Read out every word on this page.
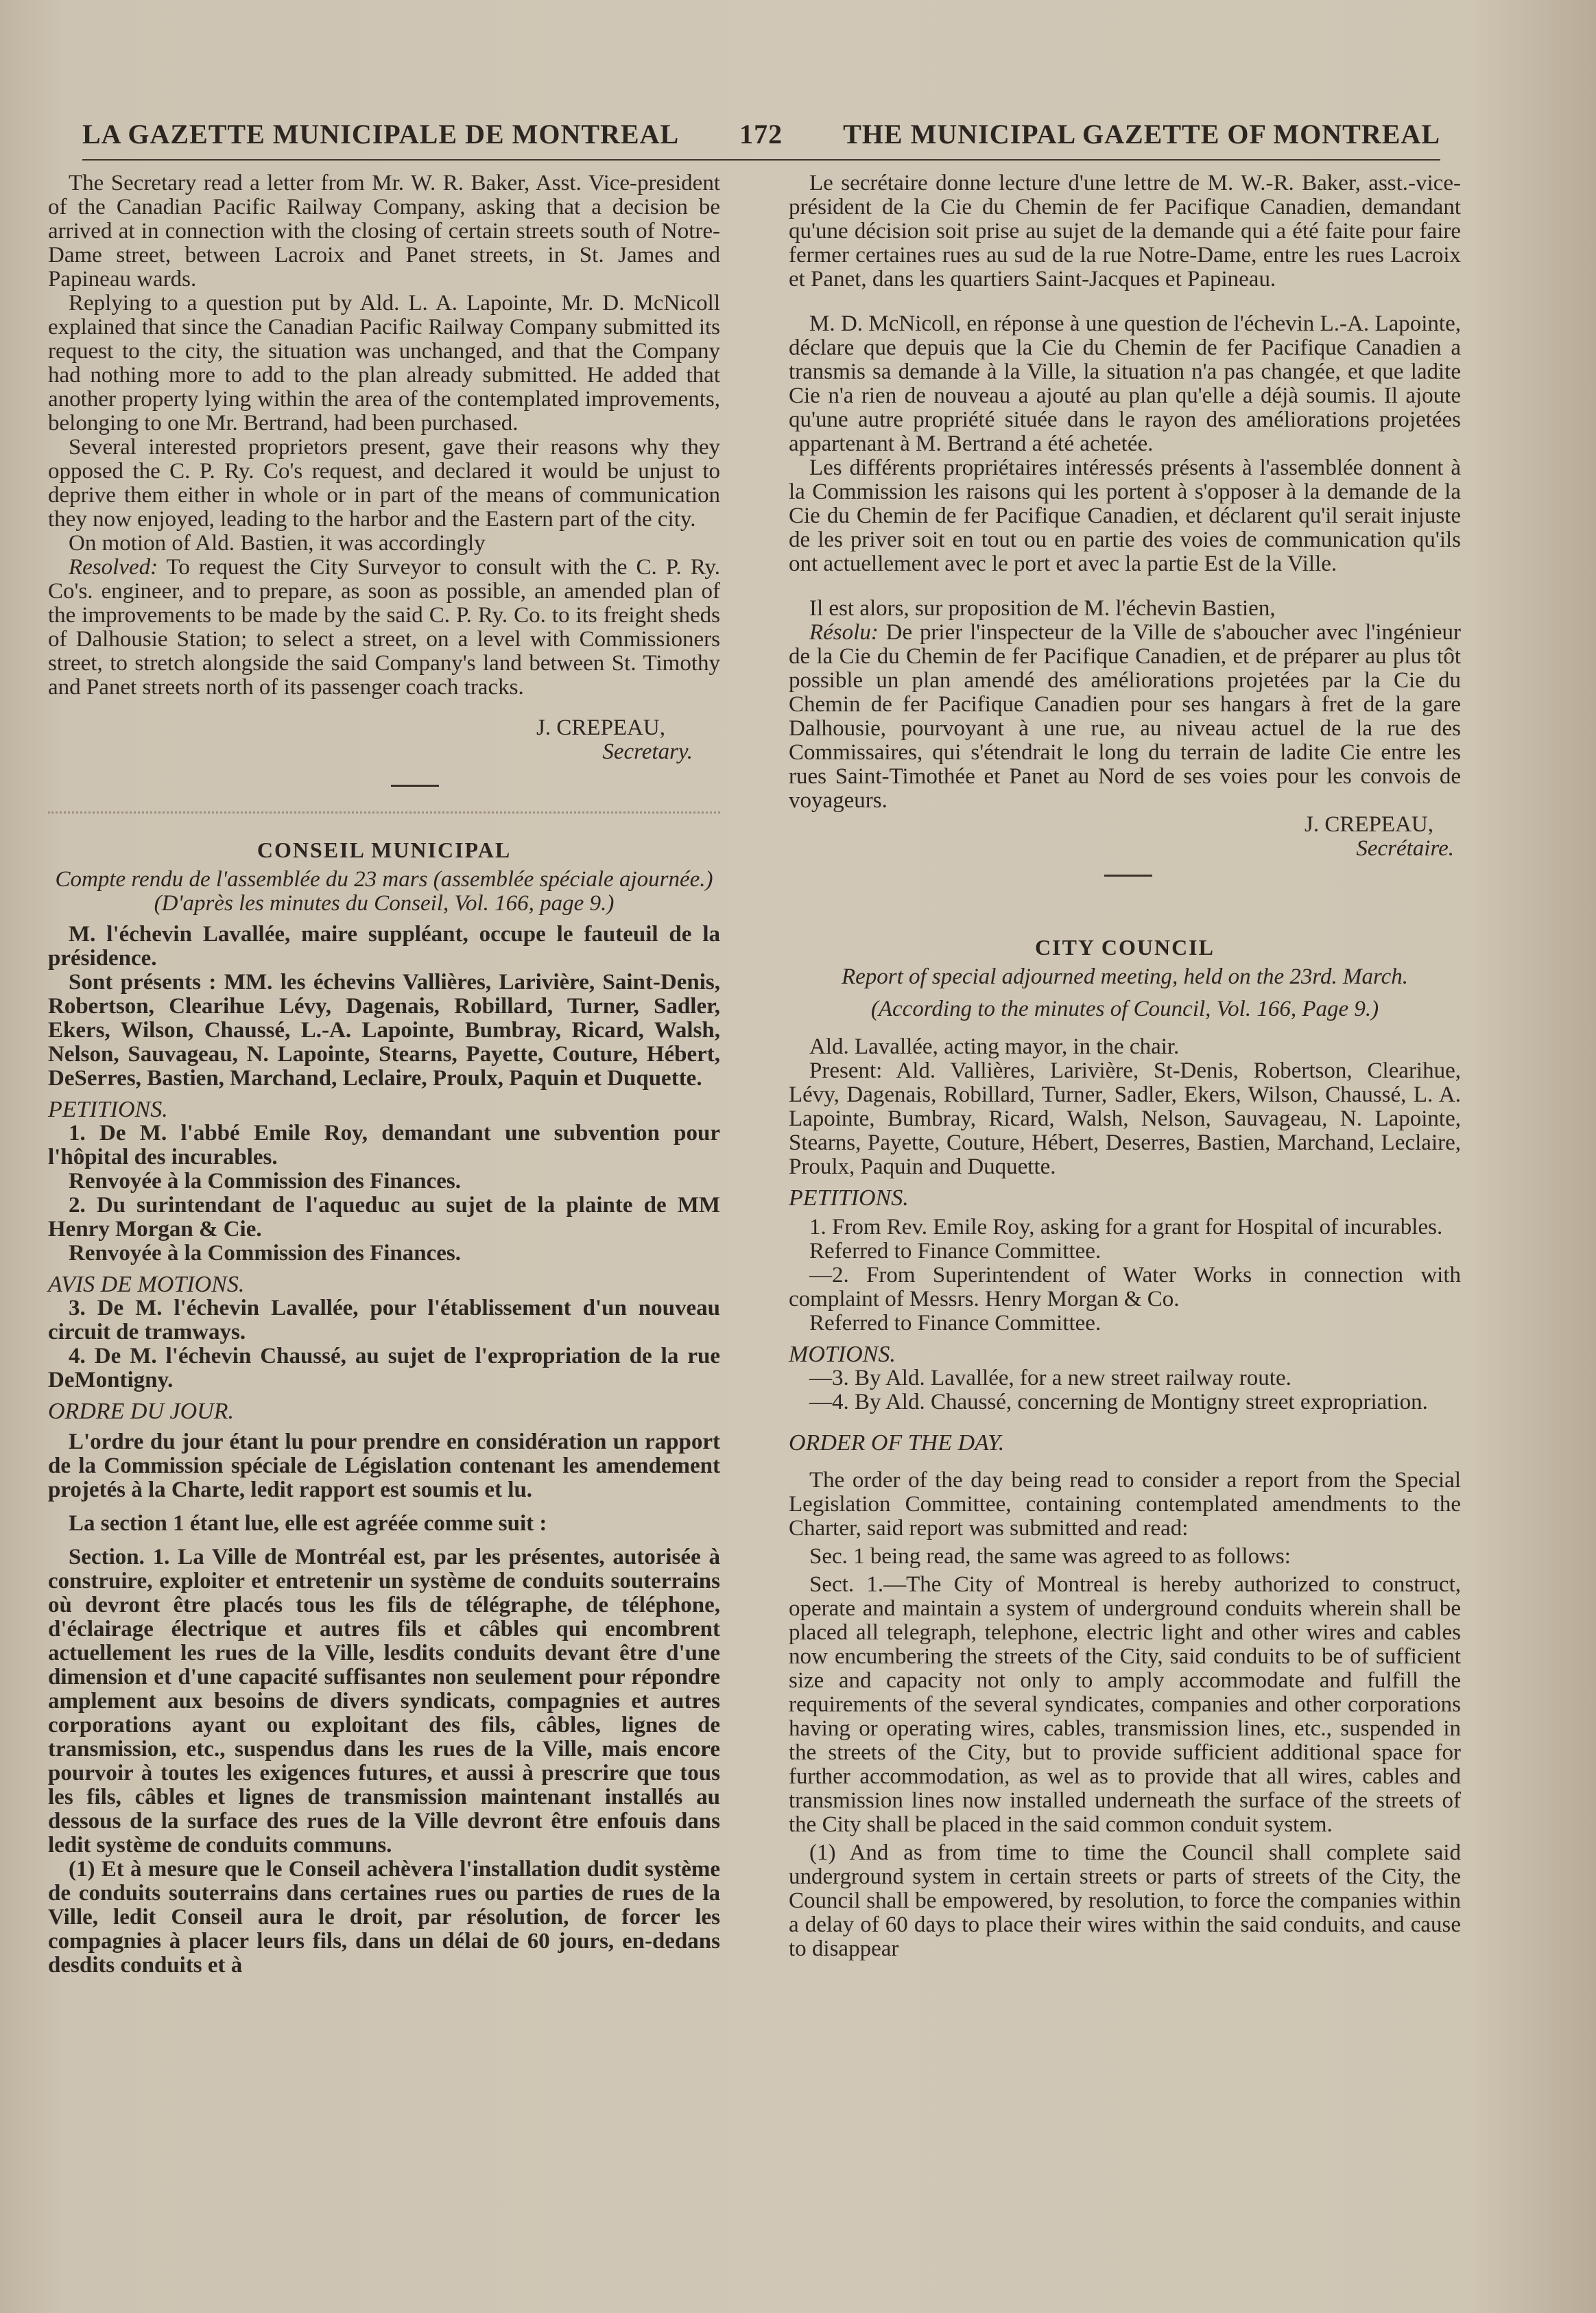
LA GAZETTE MUNICIPALE DE MONTREAL 172 THE MUNICIPAL GAZETTE OF MONTREAL

The Secretary read a letter from Mr. W. R. Baker, Asst. Vice-president of the Canadian Pacific Railway Company, asking that a decision be arrived at in connection with the closing of certain streets south of Notre-Dame street, between Lacroix and Panet streets, in St. James and Papineau wards.

Replying to a question put by Ald. L. A. Lapointe, Mr. D. McNicoll explained that since the Canadian Pacific Railway Company submitted its request to the city, the situation was unchanged, and that the Company had nothing more to add to the plan already submitted. He added that another property lying within the area of the contemplated improvements, belonging to one Mr. Bertrand, had been purchased.

Several interested proprietors present, gave their reasons why they opposed the C. P. Ry. Co's request, and declared it would be unjust to deprive them either in whole or in part of the means of communication they now enjoyed, leading to the harbor and the Eastern part of the city.

On motion of Ald. Bastien, it was accordingly

Resolved: To request the City Surveyor to consult with the C. P. Ry. Co's. engineer, and to prepare, as soon as possible, an amended plan of the improvements to be made by the said C. P. Ry. Co. to its freight sheds of Dalhousie Station; to select a street, on a level with Commissioners street, to stretch alongside the said Company's land between St. Timothy and Panet streets north of its passenger coach tracks.

J. CREPEAU,

Secretary.

CONSEIL MUNICIPAL

Compte rendu de l'assemblée du 23 mars (assemblée spéciale ajournée.)

(D'après les minutes du Conseil, Vol. 166, page 9.)

M. l'échevin Lavallée, maire suppléant, occupe le fauteuil de la présidence.

Sont présents : MM. les échevins Vallières, Larivière, Saint-Denis, Robertson, Clearihue Lévy, Dagenais, Robillard, Turner, Sadler, Ekers, Wilson, Chaussé, L.-A. Lapointe, Bumbray, Ricard, Walsh, Nelson, Sauvageau, N. Lapointe, Stearns, Payette, Couture, Hébert, DeSerres, Bastien, Marchand, Leclaire, Proulx, Paquin et Duquette.

PETITIONS.

1. De M. l'abbé Emile Roy, demandant une subvention pour l'hôpital des incurables.

Renvoyée à la Commission des Finances.

2. Du surintendant de l'aqueduc au sujet de la plainte de MM Henry Morgan & Cie.

Renvoyée à la Commission des Finances.

AVIS DE MOTIONS.

3. De M. l'échevin Lavallée, pour l'établissement d'un nouveau circuit de tramways.

4. De M. l'échevin Chaussé, au sujet de l'expropriation de la rue DeMontigny.

ORDRE DU JOUR.

L'ordre du jour étant lu pour prendre en considération un rapport de la Commission spéciale de Législation contenant les amendement projetés à la Charte, ledit rapport est soumis et lu.

La section 1 étant lue, elle est agréée comme suit :

Section. 1. La Ville de Montréal est, par les présentes, autorisée à construire, exploiter et entretenir un système de conduits souterrains où devront être placés tous les fils de télégraphe, de téléphone, d'éclairage électrique et autres fils et câbles qui encombrent actuellement les rues de la Ville, lesdits conduits devant être d'une dimension et d'une capacité suffisantes non seulement pour répondre amplement aux besoins de divers syndicats, compagnies et autres corporations ayant ou exploitant des fils, câbles, lignes de transmission, etc., suspendus dans les rues de la Ville, mais encore pourvoir à toutes les exigences futures, et aussi à prescrire que tous les fils, câbles et lignes de transmission maintenant installés au dessous de la surface des rues de la Ville devront être enfouis dans ledit système de conduits communs.

(1) Et à mesure que le Conseil achèvera l'installation dudit système de conduits souterrains dans certaines rues ou parties de rues de la Ville, ledit Conseil aura le droit, par résolution, de forcer les compagnies à placer leurs fils, dans un délai de 60 jours, en-dedans desdits conduits et à

Le secrétaire donne lecture d'une lettre de M. W.-R. Baker, asst.-vice-président de la Cie du Chemin de fer Pacifique Canadien, demandant qu'une décision soit prise au sujet de la demande qui a été faite pour faire fermer certaines rues au sud de la rue Notre-Dame, entre les rues Lacroix et Panet, dans les quartiers Saint-Jacques et Papineau.

M. D. McNicoll, en réponse à une question de l'échevin L.-A. Lapointe, déclare que depuis que la Cie du Chemin de fer Pacifique Canadien a transmis sa demande à la Ville, la situation n'a pas changée, et que ladite Cie n'a rien de nouveau a ajouté au plan qu'elle a déjà soumis. Il ajoute qu'une autre propriété située dans le rayon des améliorations projetées appartenant à M. Bertrand a été achetée.

Les différents propriétaires intéressés présents à l'assemblée donnent à la Commission les raisons qui les portent à s'opposer à la demande de la Cie du Chemin de fer Pacifique Canadien, et déclarent qu'il serait injuste de les priver soit en tout ou en partie des voies de communication qu'ils ont actuellement avec le port et avec la partie Est de la Ville.

Il est alors, sur proposition de M. l'échevin Bastien,

Résolu: De prier l'inspecteur de la Ville de s'aboucher avec l'ingénieur de la Cie du Chemin de fer Pacifique Canadien, et de préparer au plus tôt possible un plan amendé des améliorations projetées par la Cie du Chemin de fer Pacifique Canadien pour ses hangars à fret de la gare Dalhousie, pourvoyant à une rue, au niveau actuel de la rue des Commissaires, qui s'étendrait le long du terrain de ladite Cie entre les rues Saint-Timothée et Panet au Nord de ses voies pour les convois de voyageurs.

J. CREPEAU,

Secrétaire.

CITY COUNCIL

Report of special adjourned meeting, held on the 23rd. March.

(According to the minutes of Council, Vol. 166, Page 9.)

Ald. Lavallée, acting mayor, in the chair.

Present: Ald. Vallières, Larivière, St-Denis, Robertson, Clearihue, Lévy, Dagenais, Robillard, Turner, Sadler, Ekers, Wilson, Chaussé, L. A. Lapointe, Bumbray, Ricard, Walsh, Nelson, Sauvageau, N. Lapointe, Stearns, Payette, Couture, Hébert, Deserres, Bastien, Marchand, Leclaire, Proulx, Paquin and Duquette.

PETITIONS.

1. From Rev. Emile Roy, asking for a grant for Hospital of incurables.

Referred to Finance Committee.

—2. From Superintendent of Water Works in connection with complaint of Messrs. Henry Morgan & Co.

Referred to Finance Committee.

MOTIONS.

—3. By Ald. Lavallée, for a new street railway route.

—4. By Ald. Chaussé, concerning de Montigny street expropriation.

ORDER OF THE DAY.

The order of the day being read to consider a report from the Special Legislation Committee, containing contemplated amendments to the Charter, said report was submitted and read:

Sec. 1 being read, the same was agreed to as follows:

Sect. 1.—The City of Montreal is hereby authorized to construct, operate and maintain a system of underground conduits wherein shall be placed all telegraph, telephone, electric light and other wires and cables now encumbering the streets of the City, said conduits to be of sufficient size and capacity not only to amply accommodate and fulfill the requirements of the several syndicates, companies and other corporations having or operating wires, cables, transmission lines, etc., suspended in the streets of the City, but to provide sufficient additional space for further accommodation, as wel as to provide that all wires, cables and transmission lines now installed underneath the surface of the streets of the City shall be placed in the said common conduit system.

(1) And as from time to time the Council shall complete said underground system in certain streets or parts of streets of the City, the Council shall be empowered, by resolution, to force the companies within a delay of 60 days to place their wires within the said conduits, and cause to disappear
